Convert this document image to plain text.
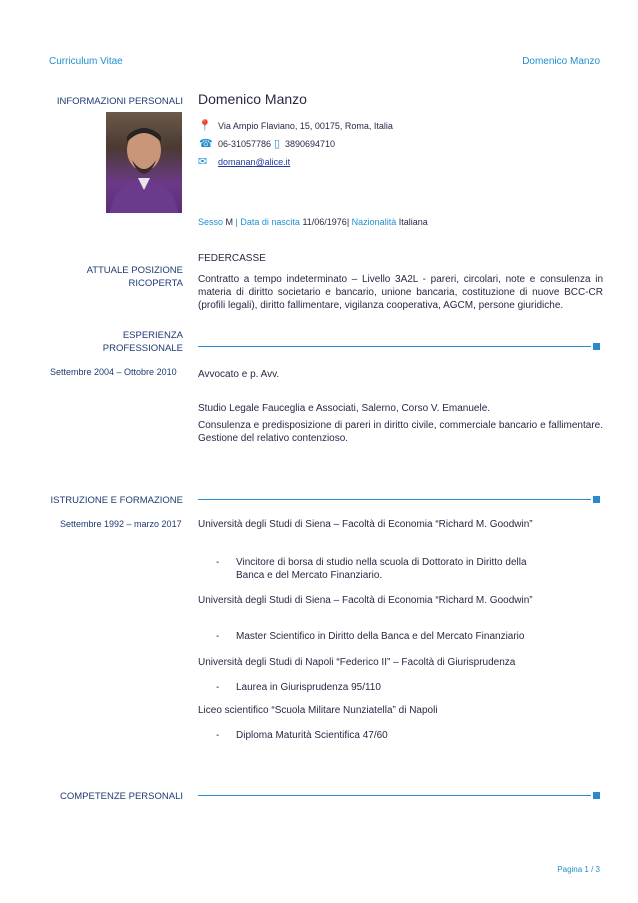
Curriculum Vitae	Domenico Manzo
INFORMAZIONI PERSONALI Domenico Manzo
📍 Via Ampio Flaviano, 15, 00175, Roma, Italia
☎ 06-31057786 ▯ 3890694710
✉ domanan@alice.it
Sesso M | Data di nascita 11/06/1976| Nazionalità Italiana
ATTUALE POSIZIONE
RICOPERTA
FEDERCASSE
Contratto a tempo indeterminato – Livello 3A2L - pareri, circolari, note e consulenza in materia di diritto societario e bancario, unione bancaria, costituzione di nuove BCC-CR (profili legali), diritto fallimentare, vigilanza cooperativa, AGCM, persone giuridiche.
ESPERIENZA
PROFESSIONALE
Settembre 2004 – Ottobre 2010 Avvocato e p. Avv.
Studio Legale Fauceglia e Associati, Salerno, Corso V. Emanuele.
Consulenza e predisposizione di pareri in diritto civile, commerciale bancario e fallimentare. Gestione del relativo contenzioso.
ISTRUZIONE E FORMAZIONE
Settembre 1992 – marzo 2017 Università degli Studi di Siena – Facoltà di Economia “Richard M. Goodwin”
- Vincitore di borsa di studio nella scuola di Dottorato in Diritto della Banca e del Mercato Finanziario.
Università degli Studi di Siena – Facoltà di Economia “Richard M. Goodwin”
- Master Scientifico in Diritto della Banca e del Mercato Finanziario
Università degli Studi di Napoli “Federico II” – Facoltà di Giurisprudenza
- Laurea in Giurisprudenza 95/110
Liceo scientifico “Scuola Militare Nunziatella” di Napoli
- Diploma Maturità Scientifica 47/60
COMPETENZE PERSONALI
Pagina 1 / 3
